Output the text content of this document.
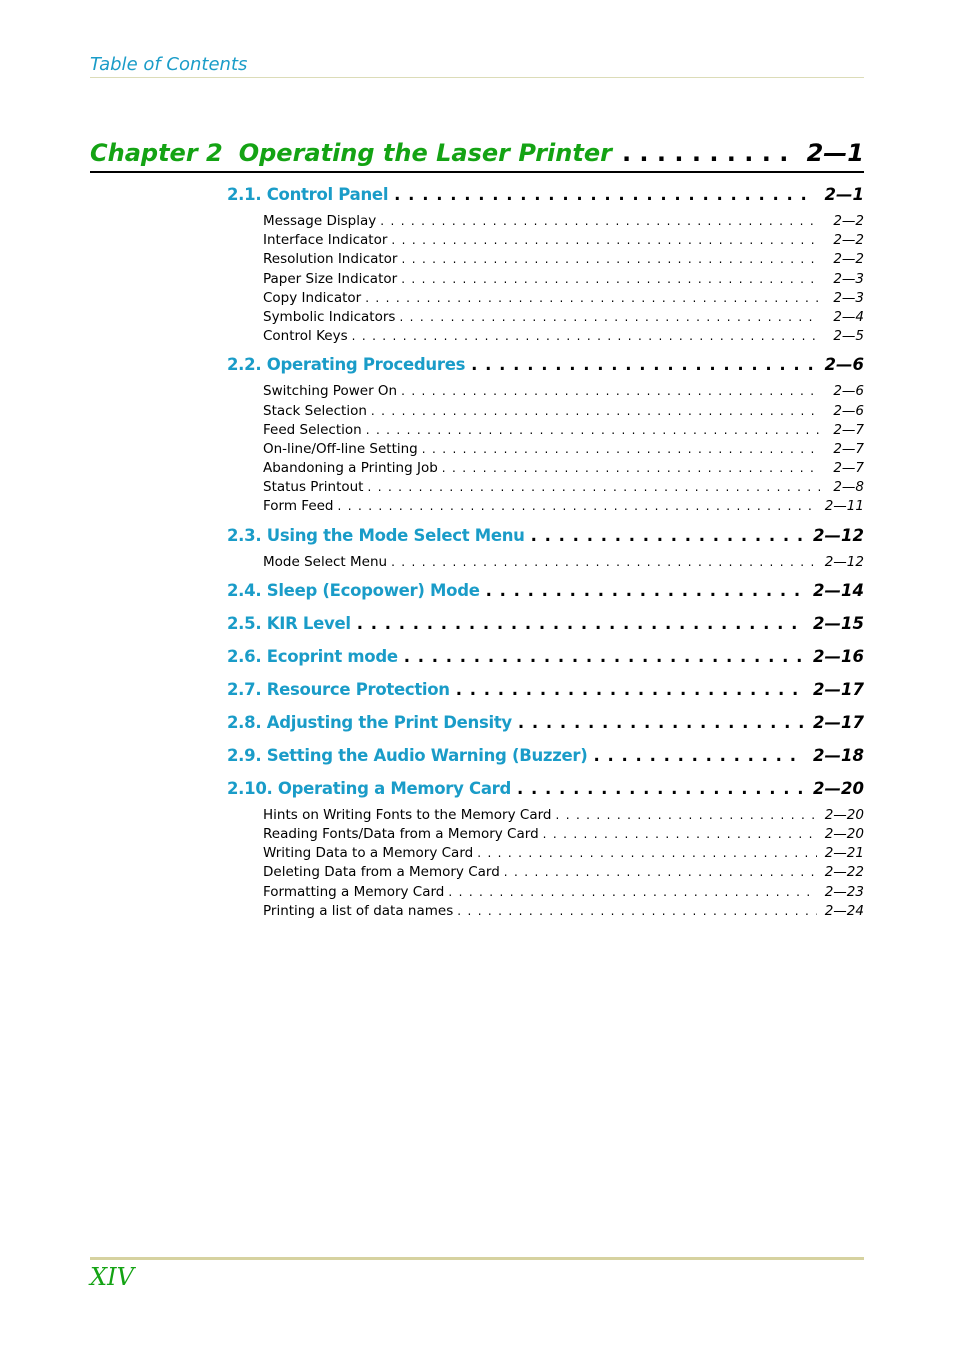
Table of Contents
Chapter 2 Operating the Laser Printer . . .	2—1
2.1. Control Panel . . .	2—1
Message Display . . .	2—2
Interface Indicator . . .	2—2
Resolution Indicator . . .	2—2
Paper Size Indicator . . .	2—3
Copy Indicator . . .	2—3
Symbolic Indicators . . .	2—4
Control Keys . . .	2—5
2.2. Operating Procedures . . .	2—6
Switching Power On . . .	2—6
Stack Selection . . .	2—6
Feed Selection . . .	2—7
On-line/Off-line Setting . . .	2—7
Abandoning a Printing Job . . .	2—7
Status Printout . . .	2—8
Form Feed . . .	2—11
2.3. Using the Mode Select Menu . . .	2—12
Mode Select Menu . . .	2—12
2.4. Sleep (Ecopower) Mode . . .	2—14
2.5. KIR Level . . .	2—15
2.6. Ecoprint mode . . .	2—16
2.7. Resource Protection . . .	2—17
2.8. Adjusting the Print Density . . .	2—17
2.9. Setting the Audio Warning (Buzzer) . . .	2—18
2.10. Operating a Memory Card . . .	2—20
Hints on Writing Fonts to the Memory Card . . .	2—20
Reading Fonts/Data from a Memory Card . . .	2—20
Writing Data to a Memory Card . . .	2—21
Deleting Data from a Memory Card . . .	2—22
Formatting a Memory Card . . .	2—23
Printing a list of data names . . .	2—24
XIV
